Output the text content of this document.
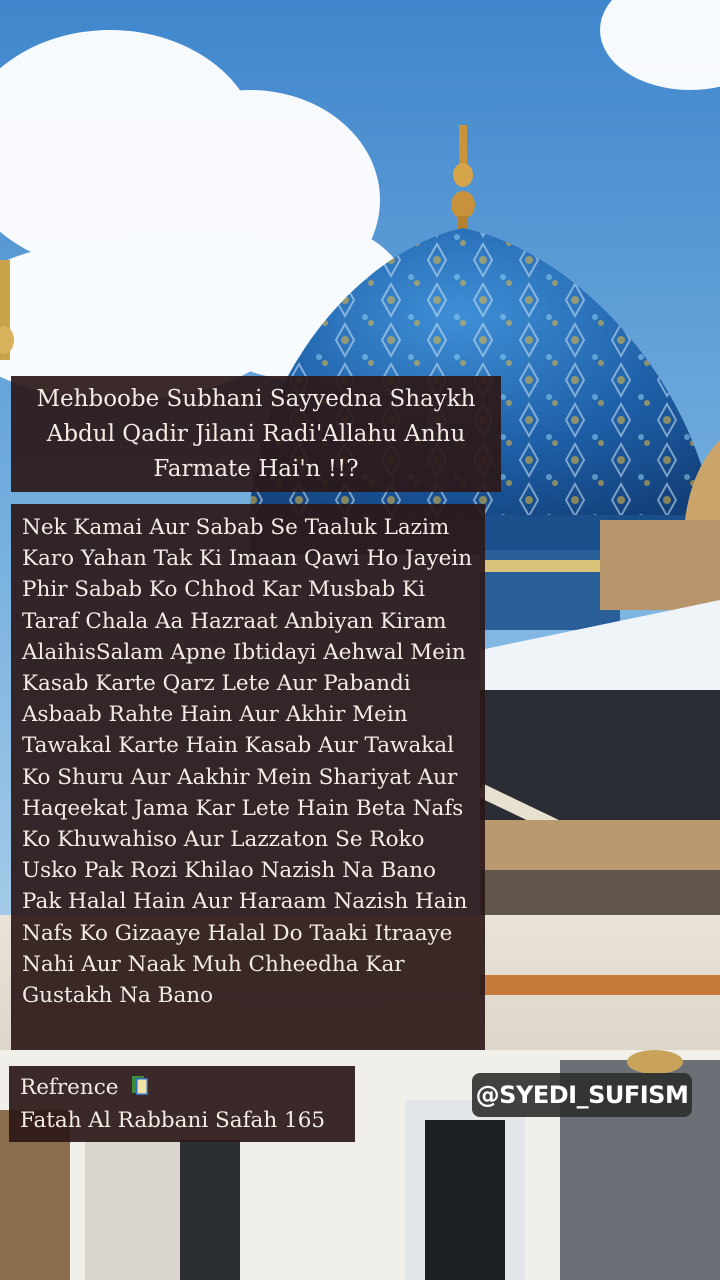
Mehboobe Subhani Sayyedna Shaykh Abdul Qadir Jilani Radi'Allahu Anhu Farmate Hai'n !!?
Nek Kamai Aur Sabab Se Taaluk Lazim Karo Yahan Tak Ki Imaan Qawi Ho Jayein Phir Sabab Ko Chhod Kar Musbab Ki Taraf Chala Aa Hazraat Anbiyan Kiram AlaihisSalam Apne Ibtidayi Aehwal Mein Kasab Karte Qarz Lete Aur Pabandi Asbaab Rahte Hain Aur Akhir Mein Tawakal Karte Hain Kasab Aur Tawakal Ko Shuru Aur Aakhir Mein Shariyat Aur Haqeekat Jama Kar Lete Hain Beta Nafs Ko Khuwahiso Aur Lazzaton Se Roko Usko Pak Rozi Khilao Nazish Na Bano Pak Halal Hain Aur Haraam Nazish Hain Nafs Ko Gizaaye Halal Do Taaki Itraaye Nahi Aur Naak Muh Chheedha Kar Gustakh Na Bano
Refrence
Fatah Al Rabbani Safah 165
@SYEDI_SUFISM
